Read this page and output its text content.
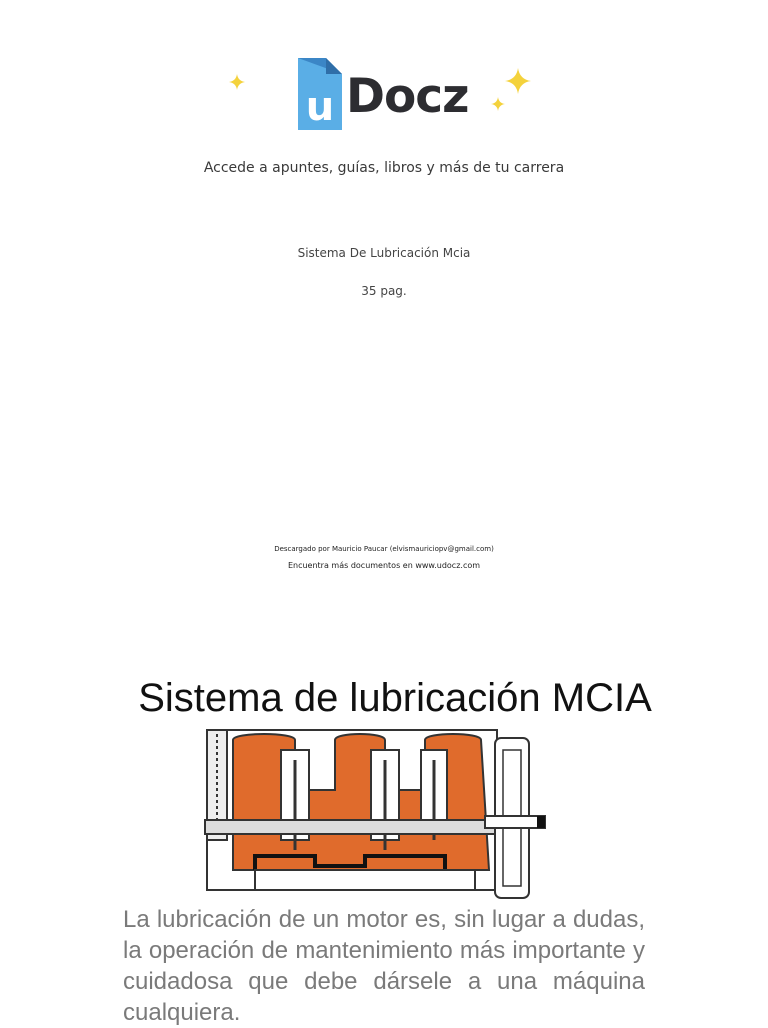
u Docz
Accede a apuntes, guías, libros y más de tu carrera
Sistema De Lubricación Mcia
35 pag.
Descargado por Mauricio Paucar (elvismauriciopv@gmail.com)
Encuentra más documentos en www.udocz.com
Sistema de lubricación MCIA
La lubricación de un motor es, sin lugar a dudas, la operación de mantenimiento más importante y cuidadosa que debe dársele a una máquina cualquiera.
